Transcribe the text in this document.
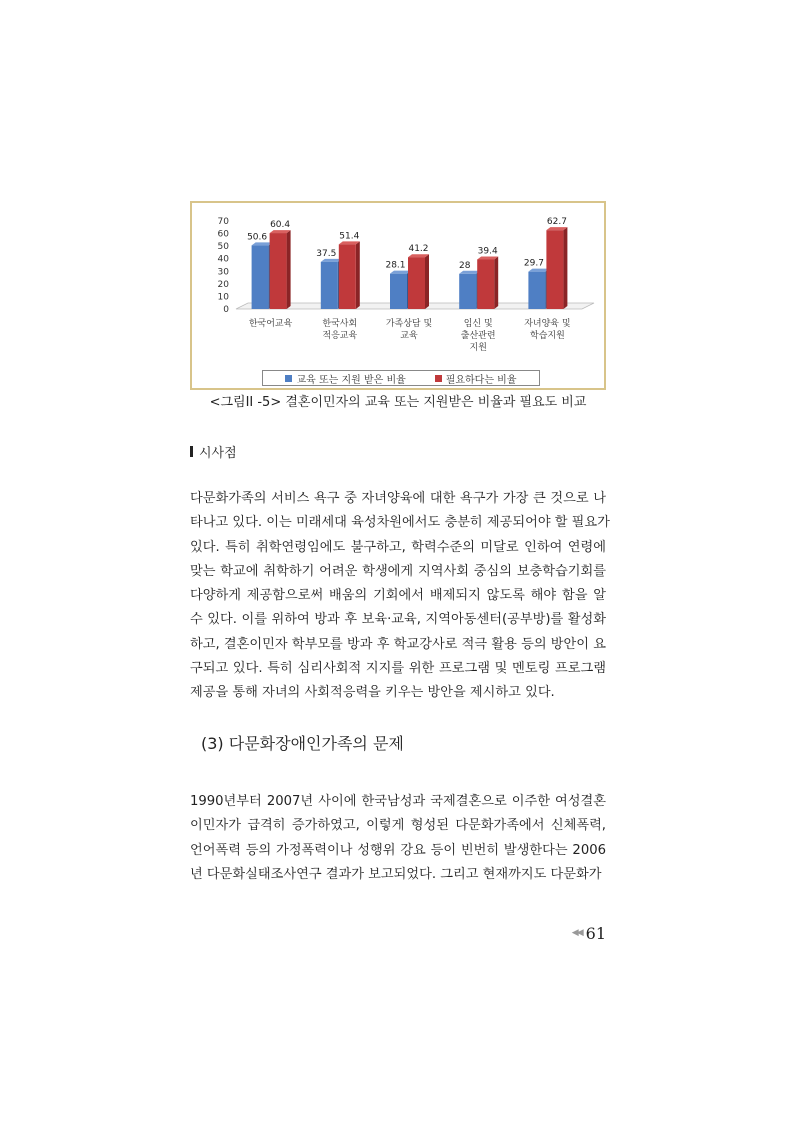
0
10
20
30
40
50
60
70
50.6
60.4
한국어교육
37.5
51.4
한국사회
적응교육
28.1
41.2
가족상담 및
교육
28
39.4
임신 및
출산관련
지원
29.7
62.7
자녀양육 및
학습지원
교육 또는 지원 받은 비율	필요하다는 비율
<그림II -5> 결혼이민자의 교육 또는 지원받은 비율과 필요도 비교
시사점
다문화가족의 서비스 욕구 중 자녀양육에 대한 욕구가 가장 큰 것으로 나
타나고 있다. 이는 미래세대 육성차원에서도 충분히 제공되어야 할 필요가
있다. 특히 취학연령임에도 불구하고, 학력수준의 미달로 인하여 연령에
맞는 학교에 취학하기 어려운 학생에게 지역사회 중심의 보충학습기회를
다양하게 제공함으로써 배움의 기회에서 배제되지 않도록 해야 함을 알
수 있다. 이를 위하여 방과 후 보육·교육, 지역아동센터(공부방)를 활성화
하고, 결혼이민자 학부모를 방과 후 학교강사로 적극 활용 등의 방안이 요
구되고 있다. 특히 심리사회적 지지를 위한 프로그램 및 멘토링 프로그램
제공을 통해 자녀의 사회적응력을 키우는 방안을 제시하고 있다.
(3) 다문화장애인가족의 문제
1990년부터 2007년 사이에 한국남성과 국제결혼으로 이주한 여성결혼
이민자가 급격히 증가하였고, 이렇게 형성된 다문화가족에서 신체폭력,
언어폭력 등의 가정폭력이나 성행위 강요 등이 빈번히 발생한다는 2006
년 다문화실태조사연구 결과가 보고되었다. 그리고 현재까지도 다문화가
◀◀ 61
